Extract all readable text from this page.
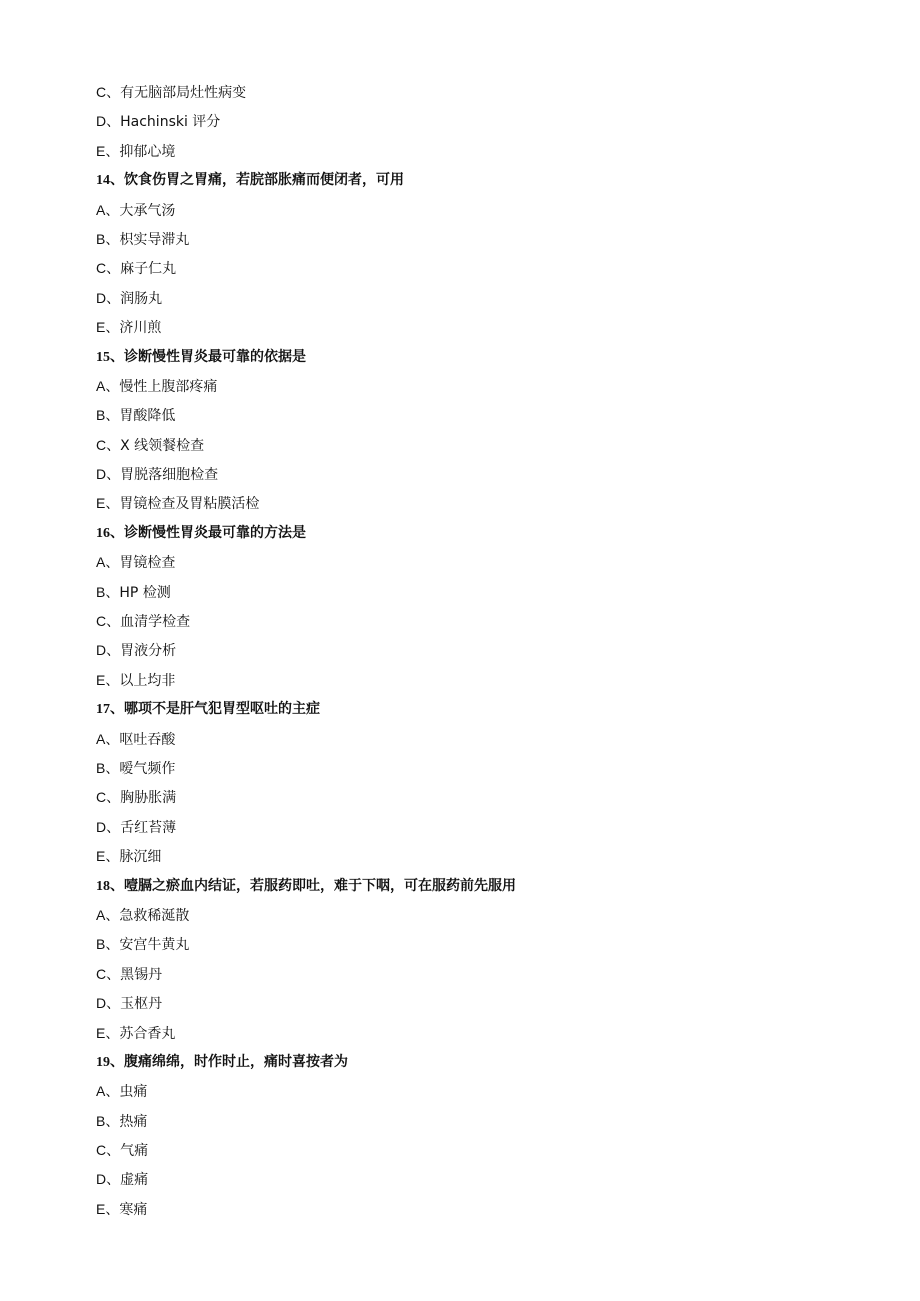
C、有无脑部局灶性病变
D、Hachinski 评分
E、抑郁心境
14、饮食伤胃之胃痛，若脘部胀痛而便闭者，可用
A、大承气汤
B、枳实导滞丸
C、麻子仁丸
D、润肠丸
E、济川煎
15、诊断慢性胃炎最可靠的依据是
A、慢性上腹部疼痛
B、胃酸降低
C、X 线领餐检查
D、胃脱落细胞检查
E、胃镜检查及胃粘膜活检
16、诊断慢性胃炎最可靠的方法是
A、胃镜检查
B、HP 检测
C、血清学检查
D、胃液分析
E、以上均非
17、哪项不是肝气犯胃型呕吐的主症
A、呕吐吞酸
B、嗳气频作
C、胸胁胀满
D、舌红苔薄
E、脉沉细
18、噎膈之瘀血内结证，若服药即吐，难于下咽，可在服药前先服用
A、急救稀涎散
B、安宫牛黄丸
C、黑锡丹
D、玉枢丹
E、苏合香丸
19、腹痛绵绵，时作时止，痛时喜按者为
A、虫痛
B、热痛
C、气痛
D、虚痛
E、寒痛
